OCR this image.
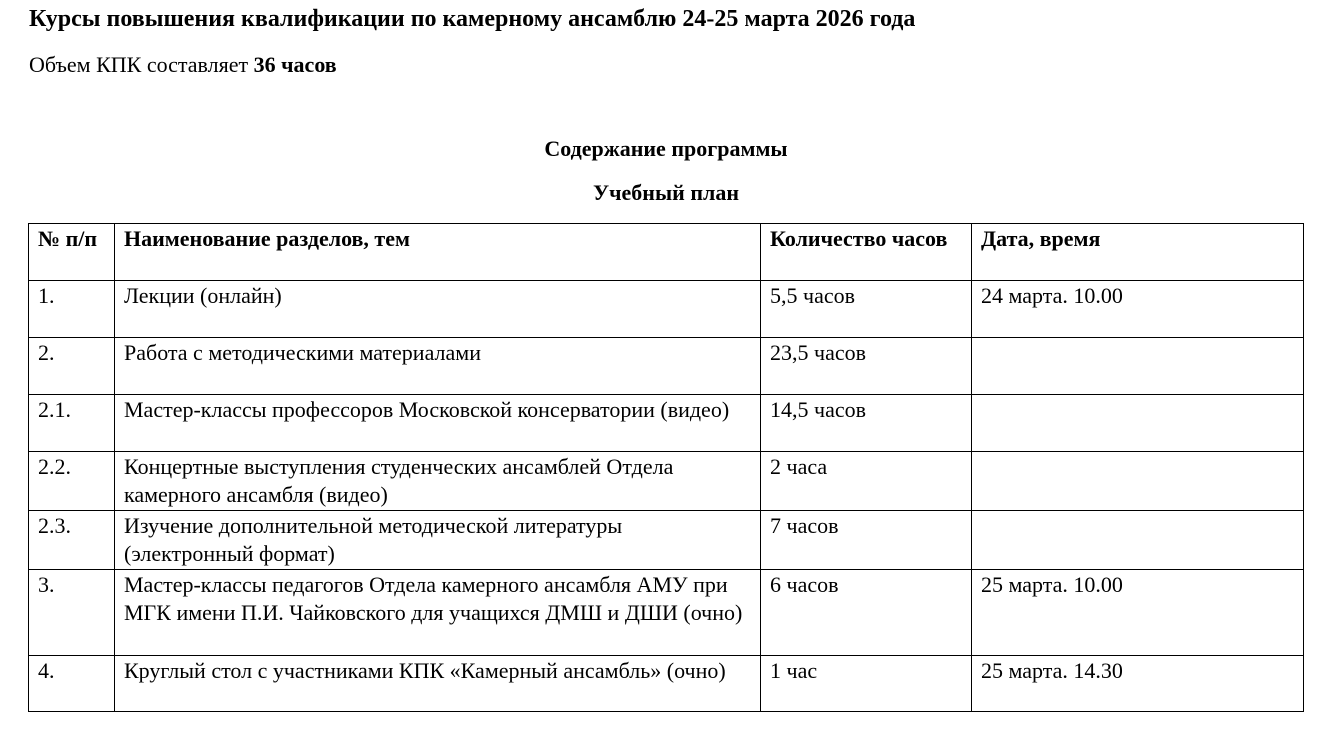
Курсы повышения квалификации по камерному ансамблю 24-25 марта 2026 года
Объем КПК составляет 36 часов
Содержание программы
Учебный план
№ п/п	Наименование разделов, тем	Количество часов	Дата, время
1.	Лекции (онлайн)	5,5 часов	24 марта. 10.00
2.	Работа с методическими материалами	23,5 часов	
2.1.	Мастер-классы профессоров Московской консерватории (видео)	14,5 часов	
2.2.	Концертные выступления студенческих ансамблей Отдела камерного ансамбля (видео)	2 часа	
2.3.	Изучение дополнительной методической литературы (электронный формат)	7 часов	
3.	Мастер-классы педагогов Отдела камерного ансамбля АМУ при МГК имени П.И. Чайковского для учащихся ДМШ и ДШИ (очно)	6 часов	25 марта. 10.00
4.	Круглый стол с участниками КПК «Камерный ансамбль» (очно)	1 час	25 марта. 14.30
